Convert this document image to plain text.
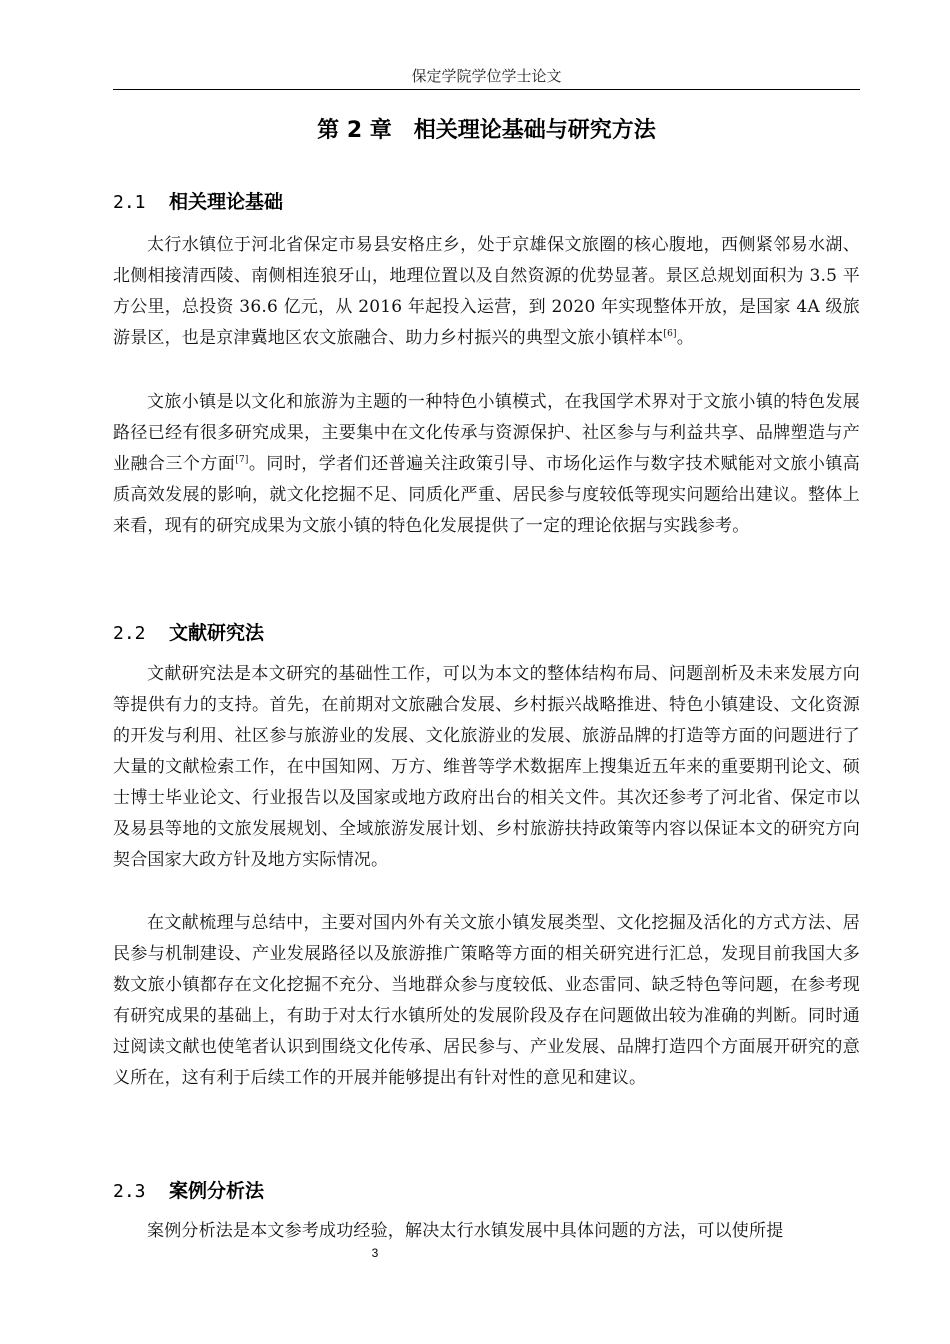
保定学院学位学士论文
第 2 章　相关理论基础与研究方法
2.1 相关理论基础

太行水镇位于河北省保定市易县安格庄乡，处于京雄保文旅圈的核心腹地，西侧紧邻易水湖、北侧相接清西陵、南侧相连狼牙山，地理位置以及自然资源的优势显著。景区总规划面积为 3.5 平方公里，总投资 36.6 亿元，从 2016 年起投入运营，到 2020 年实现整体开放，是国家 4A 级旅游景区，也是京津冀地区农文旅融合、助力乡村振兴的典型文旅小镇样本[6]。

文旅小镇是以文化和旅游为主题的一种特色小镇模式，在我国学术界对于文旅小镇的特色发展路径已经有很多研究成果，主要集中在文化传承与资源保护、社区参与与利益共享、品牌塑造与产业融合三个方面[7]。同时，学者们还普遍关注政策引导、市场化运作与数字技术赋能对文旅小镇高质高效发展的影响，就文化挖掘不足、同质化严重、居民参与度较低等现实问题给出建议。整体上来看，现有的研究成果为文旅小镇的特色化发展提供了一定的理论依据与实践参考。

2.2 文献研究法

文献研究法是本文研究的基础性工作，可以为本文的整体结构布局、问题剖析及未来发展方向等提供有力的支持。首先，在前期对文旅融合发展、乡村振兴战略推进、特色小镇建设、文化资源的开发与利用、社区参与旅游业的发展、文化旅游业的发展、旅游品牌的打造等方面的问题进行了大量的文献检索工作，在中国知网、万方、维普等学术数据库上搜集近五年来的重要期刊论文、硕士博士毕业论文、行业报告以及国家或地方政府出台的相关文件。其次还参考了河北省、保定市以及易县等地的文旅发展规划、全域旅游发展计划、乡村旅游扶持政策等内容以保证本文的研究方向契合国家大政方针及地方实际情况。

在文献梳理与总结中，主要对国内外有关文旅小镇发展类型、文化挖掘及活化的方式方法、居民参与机制建设、产业发展路径以及旅游推广策略等方面的相关研究进行汇总，发现目前我国大多数文旅小镇都存在文化挖掘不充分、当地群众参与度较低、业态雷同、缺乏特色等问题，在参考现有研究成果的基础上，有助于对太行水镇所处的发展阶段及存在问题做出较为准确的判断。同时通过阅读文献也使笔者认识到围绕文化传承、居民参与、产业发展、品牌打造四个方面展开研究的意义所在，这有利于后续工作的开展并能够提出有针对性的意见和建议。

2.3 案例分析法

案例分析法是本文参考成功经验，解决太行水镇发展中具体问题的方法，可以使所提

3
